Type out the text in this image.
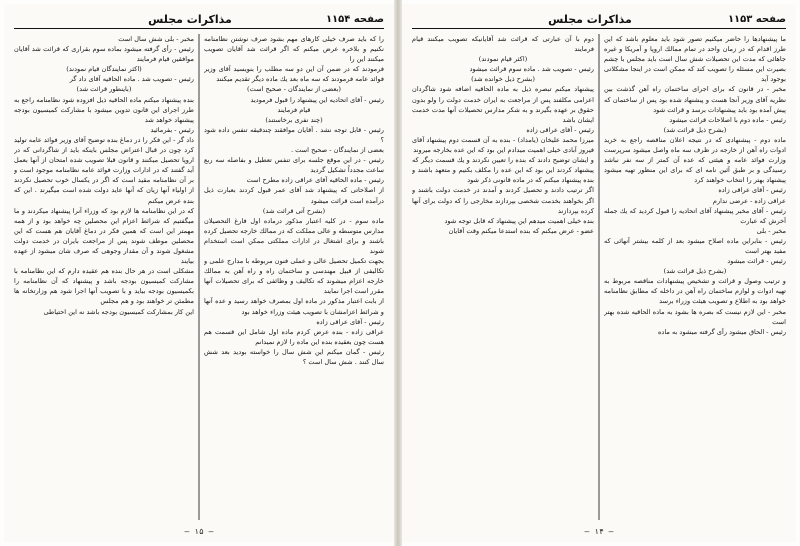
صفحه ۱۱۵۴
مذاکرات مجلس

را كه بايد صرف خيلی كارهای مهم بشود صرف نوشتن نظامنامه نكنيم و بلاخره عرض ميكنم كه اگر قرائت شد آقايان تصويب ميكنند اين را

فرمودند كه در ضمن آن اين دو سه مطلب را بنويسيد آقای وزير فوائد عامه فرمودند كه سه ماه بعد يك ماده ديگر تقديم ميكنند

(بعضی از نمايندگان - صحيح است)

رئيس - آقای اتحاديه اين پيشنهاد را قبول فرموديد

قيام فرمايند

(چند نفری برخاستند)

رئيس - قابل توجه نشد . آقايان موافقند چندقيقه تنفس داده شود ؟

بعضی از نمايندگان - صحيح است .

رئيس - در اين موقع جلسه برای تنفس تعطيل و بفاصله سه ربع ساعت مجدداً تشكيل گرديد

رئيس - ماده الحاقيه آقای عراقی زاده مطرح است

از اصلاحاتی كه پيشنهاد شد آقای عمر قبول كردند بعبارت ذيل درآمده است قرائت ميشود

(بشرح آتی قرائت شد)

ماده سوم - در كليه اعتبار مذكور درماده اول فارغ التحصيلان مدارس متوسطه و عالی مملكت كه در ممالك خارجه تحصيل كرده باشند و برای اشتغال در ادارات مملكتی ممكن است استخدام شوند

بجهت تكميل تحصيل عالی و عملی فنون مربوطه با مدارج علمی و تكاليفی از قبيل مهندسی و ساختمان راه و راه آهن به ممالك خارجه اعزام ميشوند كه تكاليف و وظائفی كه برای تحصيلات آنها مقرر است اجرا نمايند

از بابت اعتبار مذكور در ماده اول بمصرف خواهد رسيد و عده آنها و شرائط اعزامشان با تصويب هيئت وزراء خواهد بود

رئيس - آقای عراقی زاده

عراقی زاده - بنده عرض كردم ماده اول شامل اين قسمت هم هست چون بعقيده بنده اين ماده را لازم نميدانم

رئيس - گمان ميكنم اين شش سال را خواسته بوديد بعد شش سال كنند . شش سال است ؟

مخبر - بلی شش سال است

رئيس - رأی گرفته ميشود بماده سوم بقراری كه قرائت شد آقايان موافقين قيام فرمايند

(اكثر نمايندگان قيام نمودند)

رئيس - تصويب شد . ماده الحاقيه آقای داد گر

(باينطور قرائت شد)

بنده پيشنهاد ميكنم ماده الحاقيه ذيل افزوده شود نظامنامه راجع به طرز اجرای اين قانون تدوين ميشود با مشاركت كميسيون بودجه پيشنهاد خواهد شد

رئيس - بفرمائيد

داد گر - اين فكر را در دماغ بنده توضيح آقای وزير فوائد عامه توليد كرد چون در قبال اعتراض مجلس باينكه بايد از شاگردانی كه در اروپا تحصيل ميكنند و قانون قبلا تصويب شده امتحان از آنها بعمل آيد گفتند كه در ادارات وزارت فوائد عامه نظامنامه موجود است و بر آن نظامنامه مقيد است كه اگر در يكسال خوب تحصيل نكردند از اولياء آنها زيان كه آنها عايد دولت شده است ميگيرند . اين كه بنده عرض ميكنم

كه در اين نظامنامه ها لازم بود كه وزراء آنرا پيشنهاد ميكردند و ما ميگفتيم كه شرائط اعزام اين محصلين چه خواهد بود و از همه مهمتر اين است كه همين فكر در دماغ آقايان هم هست كه اين محصلين موظف شوند پس از مراجعت بايران در خدمت دولت مشغول شوند و آن مقدار وجوهی كه صرف شان ميشود از عهده بيايند

مشكلی است در هر حال بنده هم عقيده دارم كه اين نظامنامه با مشاركت كميسيون بودجه باشد و پيشنهاد كه آن نظامنامه را بكميسيون بودجه بيايد و با تصويب آنها اجرا شود هم وزارتخانه ها مطمئن تر خواهند بود و هم مجلس

اين كار بمشاركت كميسيون بودجه باشد نه اين احتياطی

— ۱۵ —
صفحه ۱۱۵۳
مذاكرات مجلس

ما پيشنهادها را حاضر ميكنيم تصور شود بايد معلوم باشد كه اين طرز اقدام كه در زمان واحد در تمام ممالك اروپا و آمريكا و غيره جاهائی كه مدت اين تحصيلات شش سال است بايد مجلس با چشم بصيرت اين مسئله را تصويب كند كه ممكن است در اينجا مشكلاتی بوجود آيد

مخبر - در قانون كه برای اجرای ساختمان راه آهن گذشت بين نظريه آقای وزير آنجا هست و پيشنهاد شده بود پس از ساختمان كه پيش آمده بود بايد پيشنهادات برسد و قرائت شود

رئيس - ماده دوم با اصلاحات قرائت ميشود

(بشرح ذيل قرائت شد)

ماده دوم - پيشنهادی كه در نتيجه اعلان مناقصه راجع به خريد ادوات راه آهن از خارجه در ظرف سه ماه واصل ميشود سرپرست وزارت فوائد عامه و هيئتی كه عده آن كمتر از سه نفر نباشد رسيدگی و بر طبق آئين نامه ای كه برای اين منظور تهيه ميشود پيشنهاد بهتر را انتخاب خواهند كرد

رئيس - آقای عراقی زاده

عراقی زاده - عرضی ندارم

رئيس - آقای مخبر پيشنهاد آقای اتحاديه را قبول كرديد كه يك جمله آخرش كه عبارت

مخبر - بلی

رئيس - بنابراين ماده اصلاح ميشود بعد از كلمه بيشتر آنهائی كه مفيد بهتر است

رئيس - قرائت ميشود

(بشرح ذيل قرائت شد)

و ترتيب وصول و قرائت و تشخيص پيشنهادات مناقصه مربوط به تهيه ادوات و لوازم ساختمان راه آهن در داخله كه مطابق نظامنامه خواهد بود به اطلاع و تصويب هيئت وزراء برسد

مخبر - اين لازم نيست كه بصره ها بشود به ماده الحاقيه شده بهتر است

رئيس - الحاق ميشود رأی گرفته ميشود به ماده

دوم با آن عبارتی كه قرائت شد آقايانيكه تصويب ميكنند قيام فرمايند

(اكثر قيام نمودند)

رئيس - تصويب شد . ماده سوم قرائت ميشود

(بشرح ذيل خوانده شد)

پيشنهاد ميكنم تبصره ذيل به ماده الحاقيه اضافه شود شاگردان اعزامی مكلفند پس از مراجعت به ايران خدمت دولت را ولو بدون حقوق بر عهده بگيرند و به شكر مدارس تحصيلات آنها مدت خدمت ايشان باشد

رئيس - آقای عراقی زاده

ميرزا محمد عليخان (يامداد) - بنده به آن قسمت دوم پيشنهاد آقای فيروز آبادی خيلی اهميت ميدادم اين بود كه اين عده بخارجه ميروند

و ايشان توضيح دادند كه بنده را تعيين نكردند و يك قسمت ديگر كه پيشنهاد كردند اين بود كه اين عده را مكلف بكنيم و متعهد باشند و بنده پيشنهاد ميكنم كه در ماده قانونی ذكر شود

اگر ترتيب دادند و تحصيل كردند و آمدند در خدمت دولت باشند و اگر بخواهند بخدمت شخصی بپردازند مخارجی را كه دولت برای آنها كرده بپردازند

بنده خيلی اهميت ميدهم اين پيشنهاد كه قابل توجه شود

عضو - عرض ميكنم كه بنده استدعا ميكنم وقت آقايان

— ۱۴ —
